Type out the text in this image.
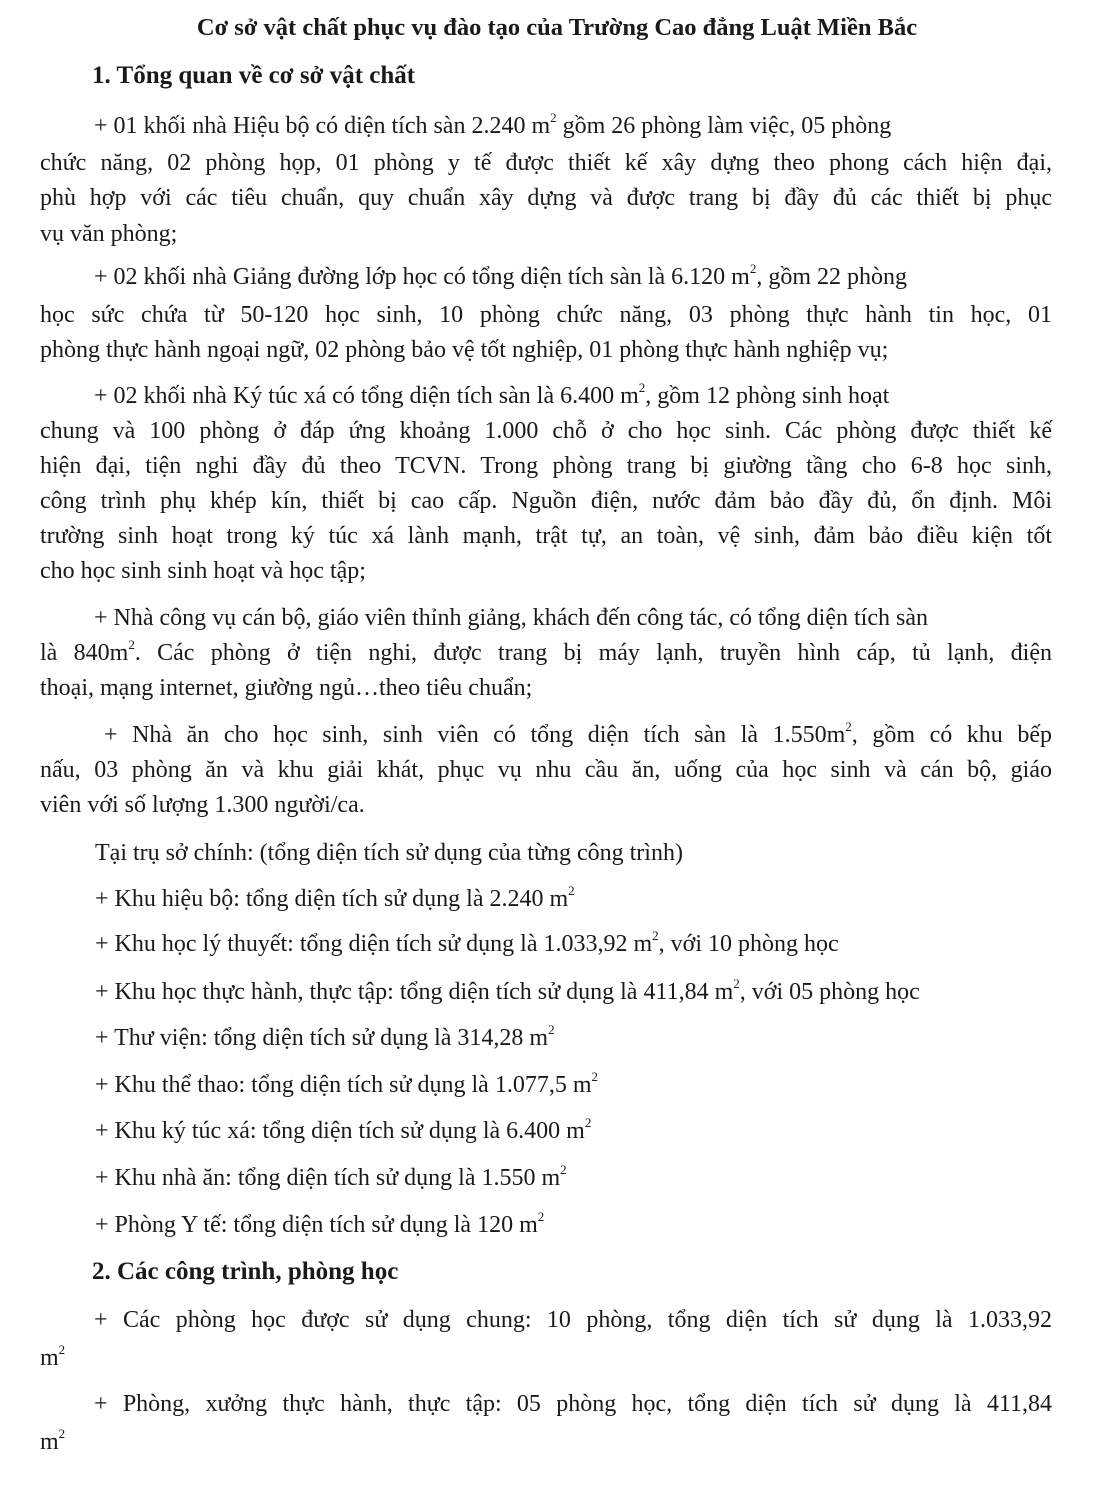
Cơ sở vật chất phục vụ đào tạo của Trường Cao đẳng Luật Miền Bắc
1. Tổng quan về cơ sở vật chất
+ 01 khối nhà Hiệu bộ có diện tích sàn 2.240 $m^2$ gồm 26 phòng làm việc, 05 phòng
chức năng, 02 phòng họp, 01 phòng y tế được thiết kế xây dựng theo phong cách hiện đại,
phù hợp với các tiêu chuẩn, quy chuẩn xây dựng và được trang bị đầy đủ các thiết bị phục
vụ văn phòng;
+ 02 khối nhà Giảng đường lớp học có tổng diện tích sàn là 6.120 $m^2$, gồm 22 phòng
học sức chứa từ 50-120 học sinh, 10 phòng chức năng, 03 phòng thực hành tin học, 01
phòng thực hành ngoại ngữ, 02 phòng bảo vệ tốt nghiệp, 01 phòng thực hành nghiệp vụ;
+ 02 khối nhà Ký túc xá có tổng diện tích sàn là 6.400 $m^2$, gồm 12 phòng sinh hoạt
chung và 100 phòng ở đáp ứng khoảng 1.000 chỗ ở cho học sinh. Các phòng được thiết kế
hiện đại, tiện nghi đầy đủ theo TCVN. Trong phòng trang bị giường tầng cho 6-8 học sinh,
công trình phụ khép kín, thiết bị cao cấp. Nguồn điện, nước đảm bảo đầy đủ, ổn định. Môi
trường sinh hoạt trong ký túc xá lành mạnh, trật tự, an toàn, vệ sinh, đảm bảo điều kiện tốt
cho học sinh sinh hoạt và học tập;
+ Nhà công vụ cán bộ, giáo viên thỉnh giảng, khách đến công tác, có tổng diện tích sàn
là $840m^2$. Các phòng ở tiện nghi, được trang bị máy lạnh, truyền hình cáp, tủ lạnh, điện
thoại, mạng internet, giường ngủ…theo tiêu chuẩn;
+ Nhà ăn cho học sinh, sinh viên có tổng diện tích sàn là $1.550m^2$, gồm có khu bếp
nấu, 03 phòng ăn và khu giải khát, phục vụ nhu cầu ăn, uống của học sinh và cán bộ, giáo
viên với số lượng 1.300 người/ca.
Tại trụ sở chính: (tổng diện tích sử dụng của từng công trình)
+ Khu hiệu bộ: tổng diện tích sử dụng là 2.240 $m^2$
+ Khu học lý thuyết: tổng diện tích sử dụng là 1.033,92 $m^2$, với 10 phòng học
+ Khu học thực hành, thực tập: tổng diện tích sử dụng là 411,84 $m^2$, với 05 phòng học
+ Thư viện: tổng diện tích sử dụng là 314,28 $m^2$
+ Khu thể thao: tổng diện tích sử dụng là 1.077,5 $m^2$
+ Khu ký túc xá: tổng diện tích sử dụng là 6.400 $m^2$
+ Khu nhà ăn: tổng diện tích sử dụng là 1.550 $m^2$
+ Phòng Y tế: tổng diện tích sử dụng là 120 $m^2$
2. Các công trình, phòng học
+ Các phòng học được sử dụng chung: 10 phòng, tổng diện tích sử dụng là 1.033,92
$m^2$
+ Phòng, xưởng thực hành, thực tập: 05 phòng học, tổng diện tích sử dụng là 411,84
$m^2$
